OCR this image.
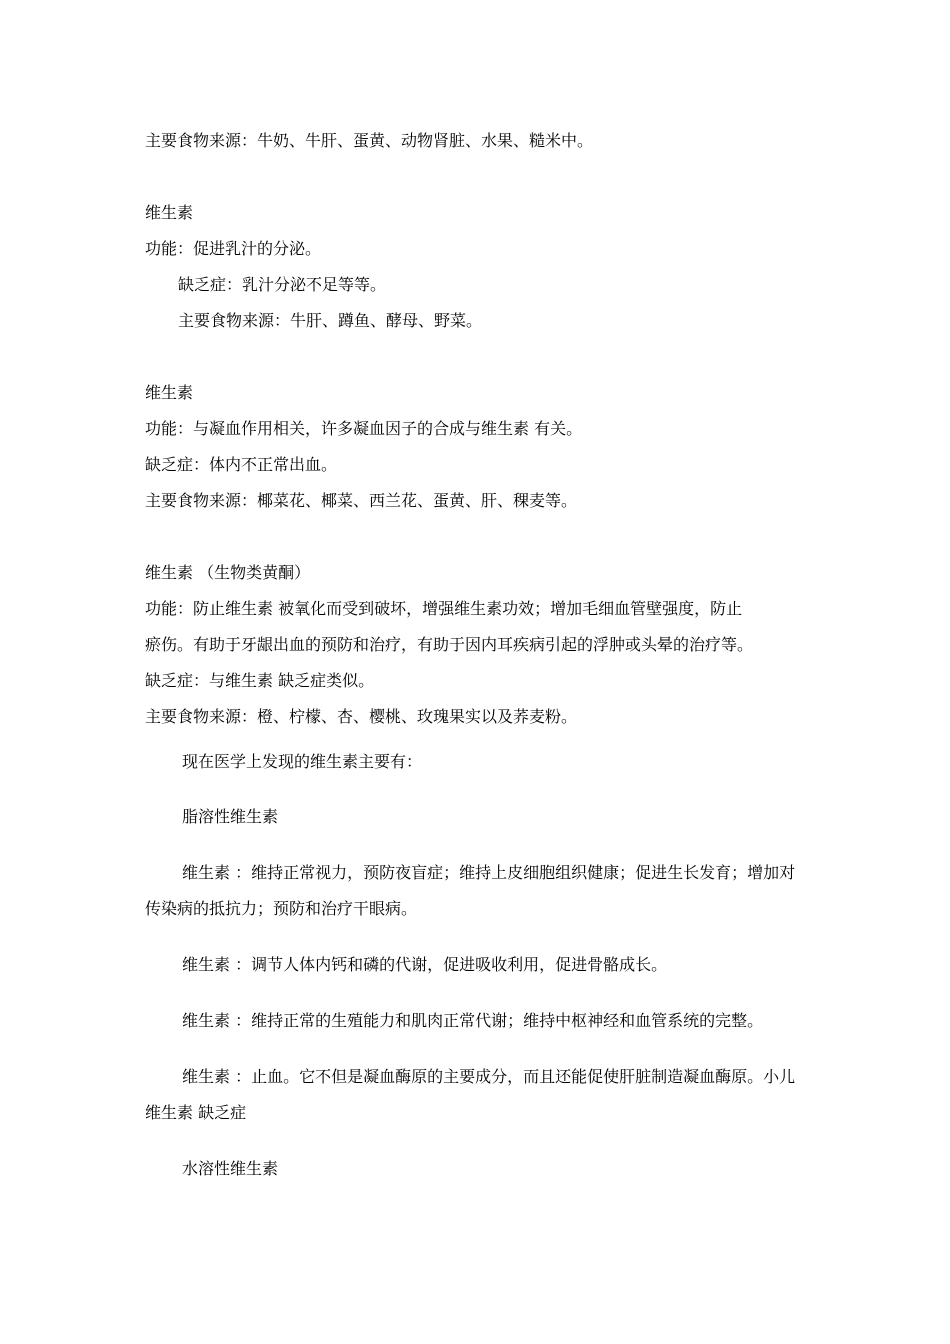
主要食物来源：牛奶、牛肝、蛋黄、动物肾脏、水果、糙米中。
维生素
功能：促进乳汁的分泌。
缺乏症：乳汁分泌不足等等。
主要食物来源：牛肝、蹲鱼、酵母、野菜。
维生素
功能：与凝血作用相关，许多凝血因子的合成与维生素 有关。
缺乏症：体内不正常出血。
主要食物来源：椰菜花、椰菜、西兰花、蛋黄、肝、稞麦等。
维生素 （生物类黄酮）
功能：防止维生素 被氧化而受到破坏，增强维生素功效；增加毛细血管壁强度，防止
瘀伤。有助于牙龈出血的预防和治疗，有助于因内耳疾病引起的浮肿或头晕的治疗等。
缺乏症：与维生素 缺乏症类似。
主要食物来源：橙、柠檬、杏、樱桃、玫瑰果实以及荞麦粉。
现在医学上发现的维生素主要有：
脂溶性维生素
维生素 ：维持正常视力，预防夜盲症；维持上皮细胞组织健康；促进生长发育；增加对传染病的抵抗力；预防和治疗干眼病。
维生素 ：调节人体内钙和磷的代谢，促进吸收利用，促进骨骼成长。
维生素 ：维持正常的生殖能力和肌肉正常代谢；维持中枢神经和血管系统的完整。
维生素 ：止血。它不但是凝血酶原的主要成分，而且还能促使肝脏制造凝血酶原。小儿维生素 缺乏症
水溶性维生素
